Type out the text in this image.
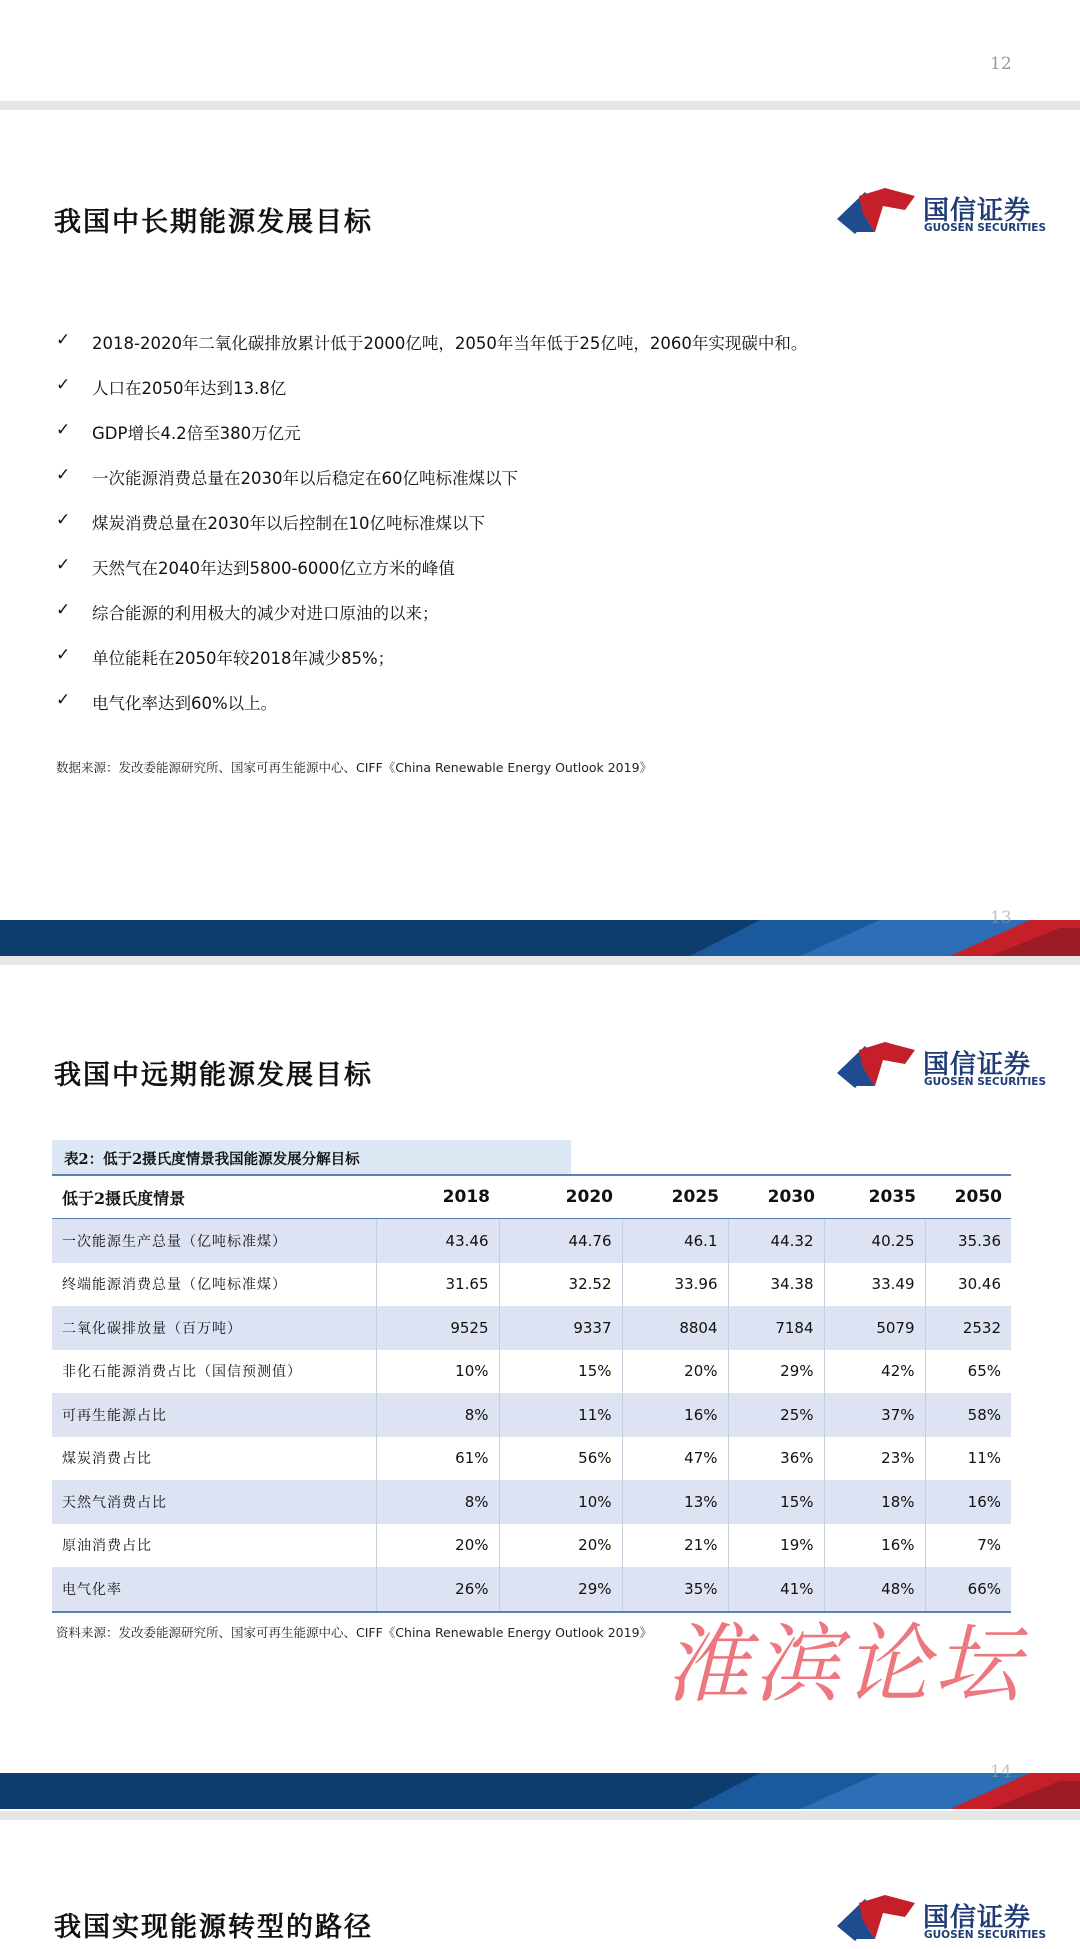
12
我国中长期能源发展目标	国信证券
GUOSEN SECURITIES
✓	2018-2020年二氧化碳排放累计低于2000亿吨，2050年当年低于25亿吨，2060年实现碳中和。
✓	人口在2050年达到13.8亿
✓	GDP增长4.2倍至380万亿元
✓	一次能源消费总量在2030年以后稳定在60亿吨标准煤以下
✓	煤炭消费总量在2030年以后控制在10亿吨标准煤以下
✓	天然气在2040年达到5800-6000亿立方米的峰值
✓	综合能源的利用极大的减少对进口原油的以来；
✓	单位能耗在2050年较2018年减少85%；
✓	电气化率达到60%以上。
数据来源：发改委能源研究所、国家可再生能源中心、CIFF《China Renewable Energy Outlook 2019》
13
我国中远期能源发展目标	国信证券
GUOSEN SECURITIES
表2：低于2摄氏度情景我国能源发展分解目标
低于2摄氏度情景	2018	2020	2025	2030	2035	2050
一次能源生产总量（亿吨标准煤）	43.46	44.76	46.1	44.32	40.25	35.36
终端能源消费总量（亿吨标准煤）	31.65	32.52	33.96	34.38	33.49	30.46
二氧化碳排放量（百万吨）	9525	9337	8804	7184	5079	2532
非化石能源消费占比（国信预测值）	10%	15%	20%	29%	42%	65%
可再生能源占比	8%	11%	16%	25%	37%	58%
煤炭消费占比	61%	56%	47%	36%	23%	11%
天然气消费占比	8%	10%	13%	15%	18%	16%
原油消费占比	20%	20%	21%	19%	16%	7%
电气化率	26%	29%	35%	41%	48%	66%
资料来源：发改委能源研究所、国家可再生能源中心、CIFF《China Renewable Energy Outlook 2019》 淮滨论坛
14
我国实现能源转型的路径	国信证券
GUOSEN SECURITIES
